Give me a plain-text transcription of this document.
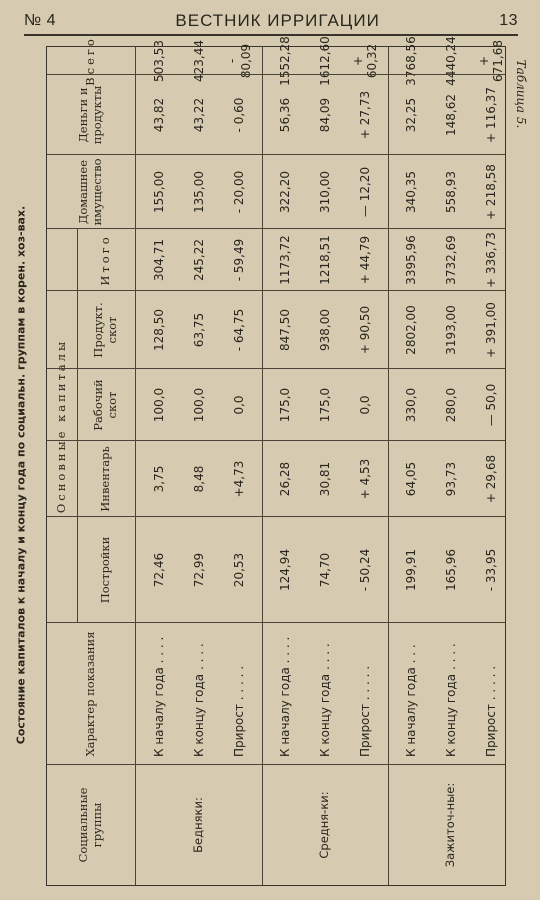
№ 4	ВЕСТНИК ИРРИГАЦИИ	13
Состояние капиталов к началу и концу года по социальн. группам в корен. хоз-вах.
Таблица 5.
Основные капиталы
Социальные группы
Характер показания
Постройки
Инвентарь
Рабочий скот
Продукт. скот
Итого
Домашнее имущество
Деньги и продукты
Всего
К началу года . . . .
72,46
3,75
100,0
128,50
304,71
155,00
43,82
503,53
К концу года . . . .
72,99
8,48
100,0
63,75
245,22
135,00
43,22
423,44
Прирост . . . . .
20,53
+4,73
0,0
- 64,75
- 59,49
- 20,00
- 0,60
- 80,09
Бедняки:
К началу года . . . .
124,94
26,28
175,0
847,50
1173,72
322,20
56,36
1552,28
К концу года . . . .
74,70
30,81
175,0
938,00
1218,51
310,00
84,09
1612,60
Прирост . . . . .
- 50,24
+ 4,53
0,0
+ 90,50
+ 44,79
— 12,20
+ 27,73
+ 60,32
Средня-ки:
К началу года . . .
199,91
64,05
330,0
2802,00
3395,96
340,35
32,25
3768,56
К концу года . . . .
165,96
93,73
280,0
3193,00
3732,69
558,93
148,62
4440,24
Прирост . . . . .
- 33,95
+ 29,68
— 50,0
+ 391,00
+ 336,73
+ 218,58
+ 116,37
+ 671,68
Зажиточ-ные:
